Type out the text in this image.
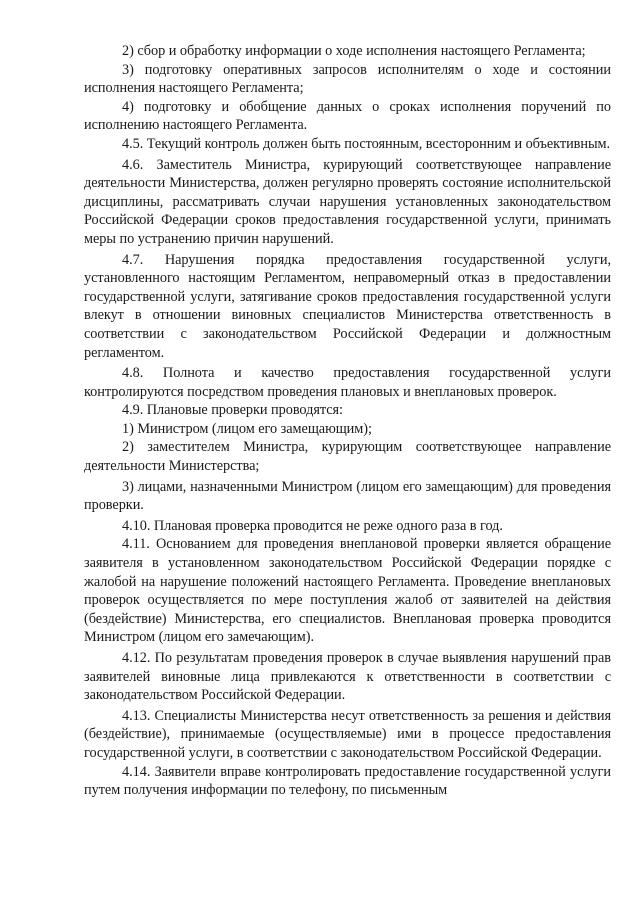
2) сбор и обработку информации о ходе исполнения настоящего Регламента;

3) подготовку оперативных запросов исполнителям о ходе и состоянии исполнения настоящего Регламента;

4) подготовку и обобщение данных о сроках исполнения поручений по исполнению настоящего Регламента.

4.5. Текущий контроль должен быть постоянным, всесторонним и объективным.

4.6. Заместитель Министра, курирующий соответствующее направление деятельности Министерства, должен регулярно проверять состояние исполнительской дисциплины, рассматривать случаи нарушения установленных законодательством Российской Федерации сроков предоставления государственной услуги, принимать меры по устранению причин нарушений.

4.7. Нарушения порядка предоставления государственной услуги, установленного настоящим Регламентом, неправомерный отказ в предоставлении государственной услуги, затягивание сроков предоставления государственной услуги влекут в отношении виновных специалистов Министерства ответственность в соответствии с законодательством Российской Федерации и должностным регламентом.

4.8. Полнота и качество предоставления государственной услуги контролируются посредством проведения плановых и внеплановых проверок.

4.9. Плановые проверки проводятся:

1) Министром (лицом его замещающим);

2) заместителем Министра, курирующим соответствующее направление деятельности Министерства;

3) лицами, назначенными Министром (лицом его замещающим) для проведения проверки.

4.10. Плановая проверка проводится не реже одного раза в год.

4.11. Основанием для проведения внеплановой проверки является обращение заявителя в установленном законодательством Российской Федерации порядке с жалобой на нарушение положений настоящего Регламента. Проведение внеплановых проверок осуществляется по мере поступления жалоб от заявителей на действия (бездействие) Министерства, его специалистов. Внеплановая проверка проводится Министром (лицом его замечающим).

4.12. По результатам проведения проверок в случае выявления нарушений прав заявителей виновные лица привлекаются к ответственности в соответствии с законодательством Российской Федерации.

4.13. Специалисты Министерства несут ответственность за решения и действия (бездействие), принимаемые (осуществляемые) ими в процессе предоставления государственной услуги, в соответствии с законодательством Российской Федерации.

4.14. Заявители вправе контролировать предоставление государственной услуги путем получения информации по телефону, по письменным
